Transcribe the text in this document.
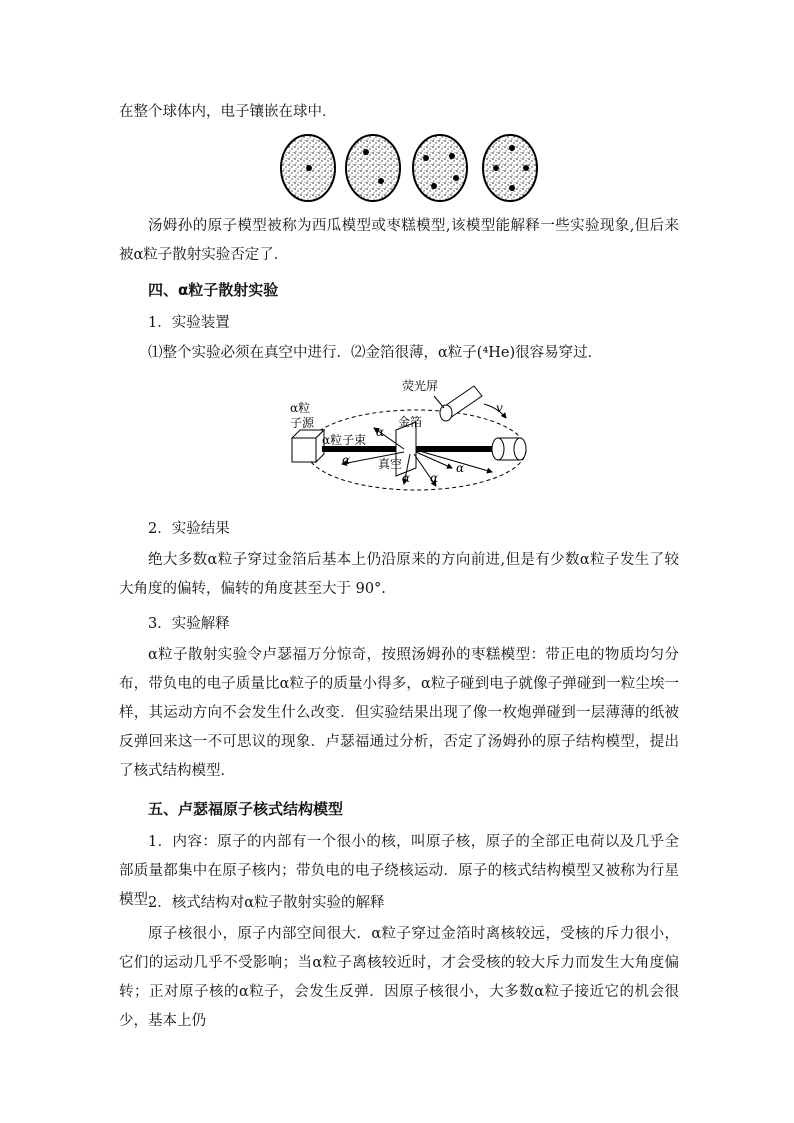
在整个球体内，电子镶嵌在球中．

汤姆孙的原子模型被称为西瓜模型或枣糕模型,该模型能解释一些实验现象,但后来被α粒子散射实验否定了．

四、α粒子散射实验

1．实验装置

⑴整个实验必须在真空中进行．⑵金箔很薄，α粒子(⁴He)很容易穿过．

α粒
子源
α粒子束
金箔
荧光屏
v
α
α
α α
α
真空

2．实验结果

绝大多数α粒子穿过金箔后基本上仍沿原来的方向前进,但是有少数α粒子发生了较大角度的偏转，偏转的角度甚至大于 90°.

3．实验解释

α粒子散射实验令卢瑟福万分惊奇，按照汤姆孙的枣糕模型：带正电的物质均匀分布，带负电的电子质量比α粒子的质量小得多，α粒子碰到电子就像子弹碰到一粒尘埃一样，其运动方向不会发生什么改变．但实验结果出现了像一枚炮弹碰到一层薄薄的纸被反弹回来这一不可思议的现象．卢瑟福通过分析，否定了汤姆孙的原子结构模型，提出了核式结构模型．

五、卢瑟福原子核式结构模型

1．内容：原子的内部有一个很小的核，叫原子核，原子的全部正电荷以及几乎全部质量都集中在原子核内；带负电的电子绕核运动．原子的核式结构模型又被称为行星模型．

2．核式结构对α粒子散射实验的解释

原子核很小，原子内部空间很大．α粒子穿过金箔时离核较远，受核的斥力很小，它们的运动几乎不受影响；当α粒子离核较近时，才会受核的较大斥力而发生大角度偏转；正对原子核的α粒子，会发生反弹．因原子核很小，大多数α粒子接近它的机会很少，基本上仍
